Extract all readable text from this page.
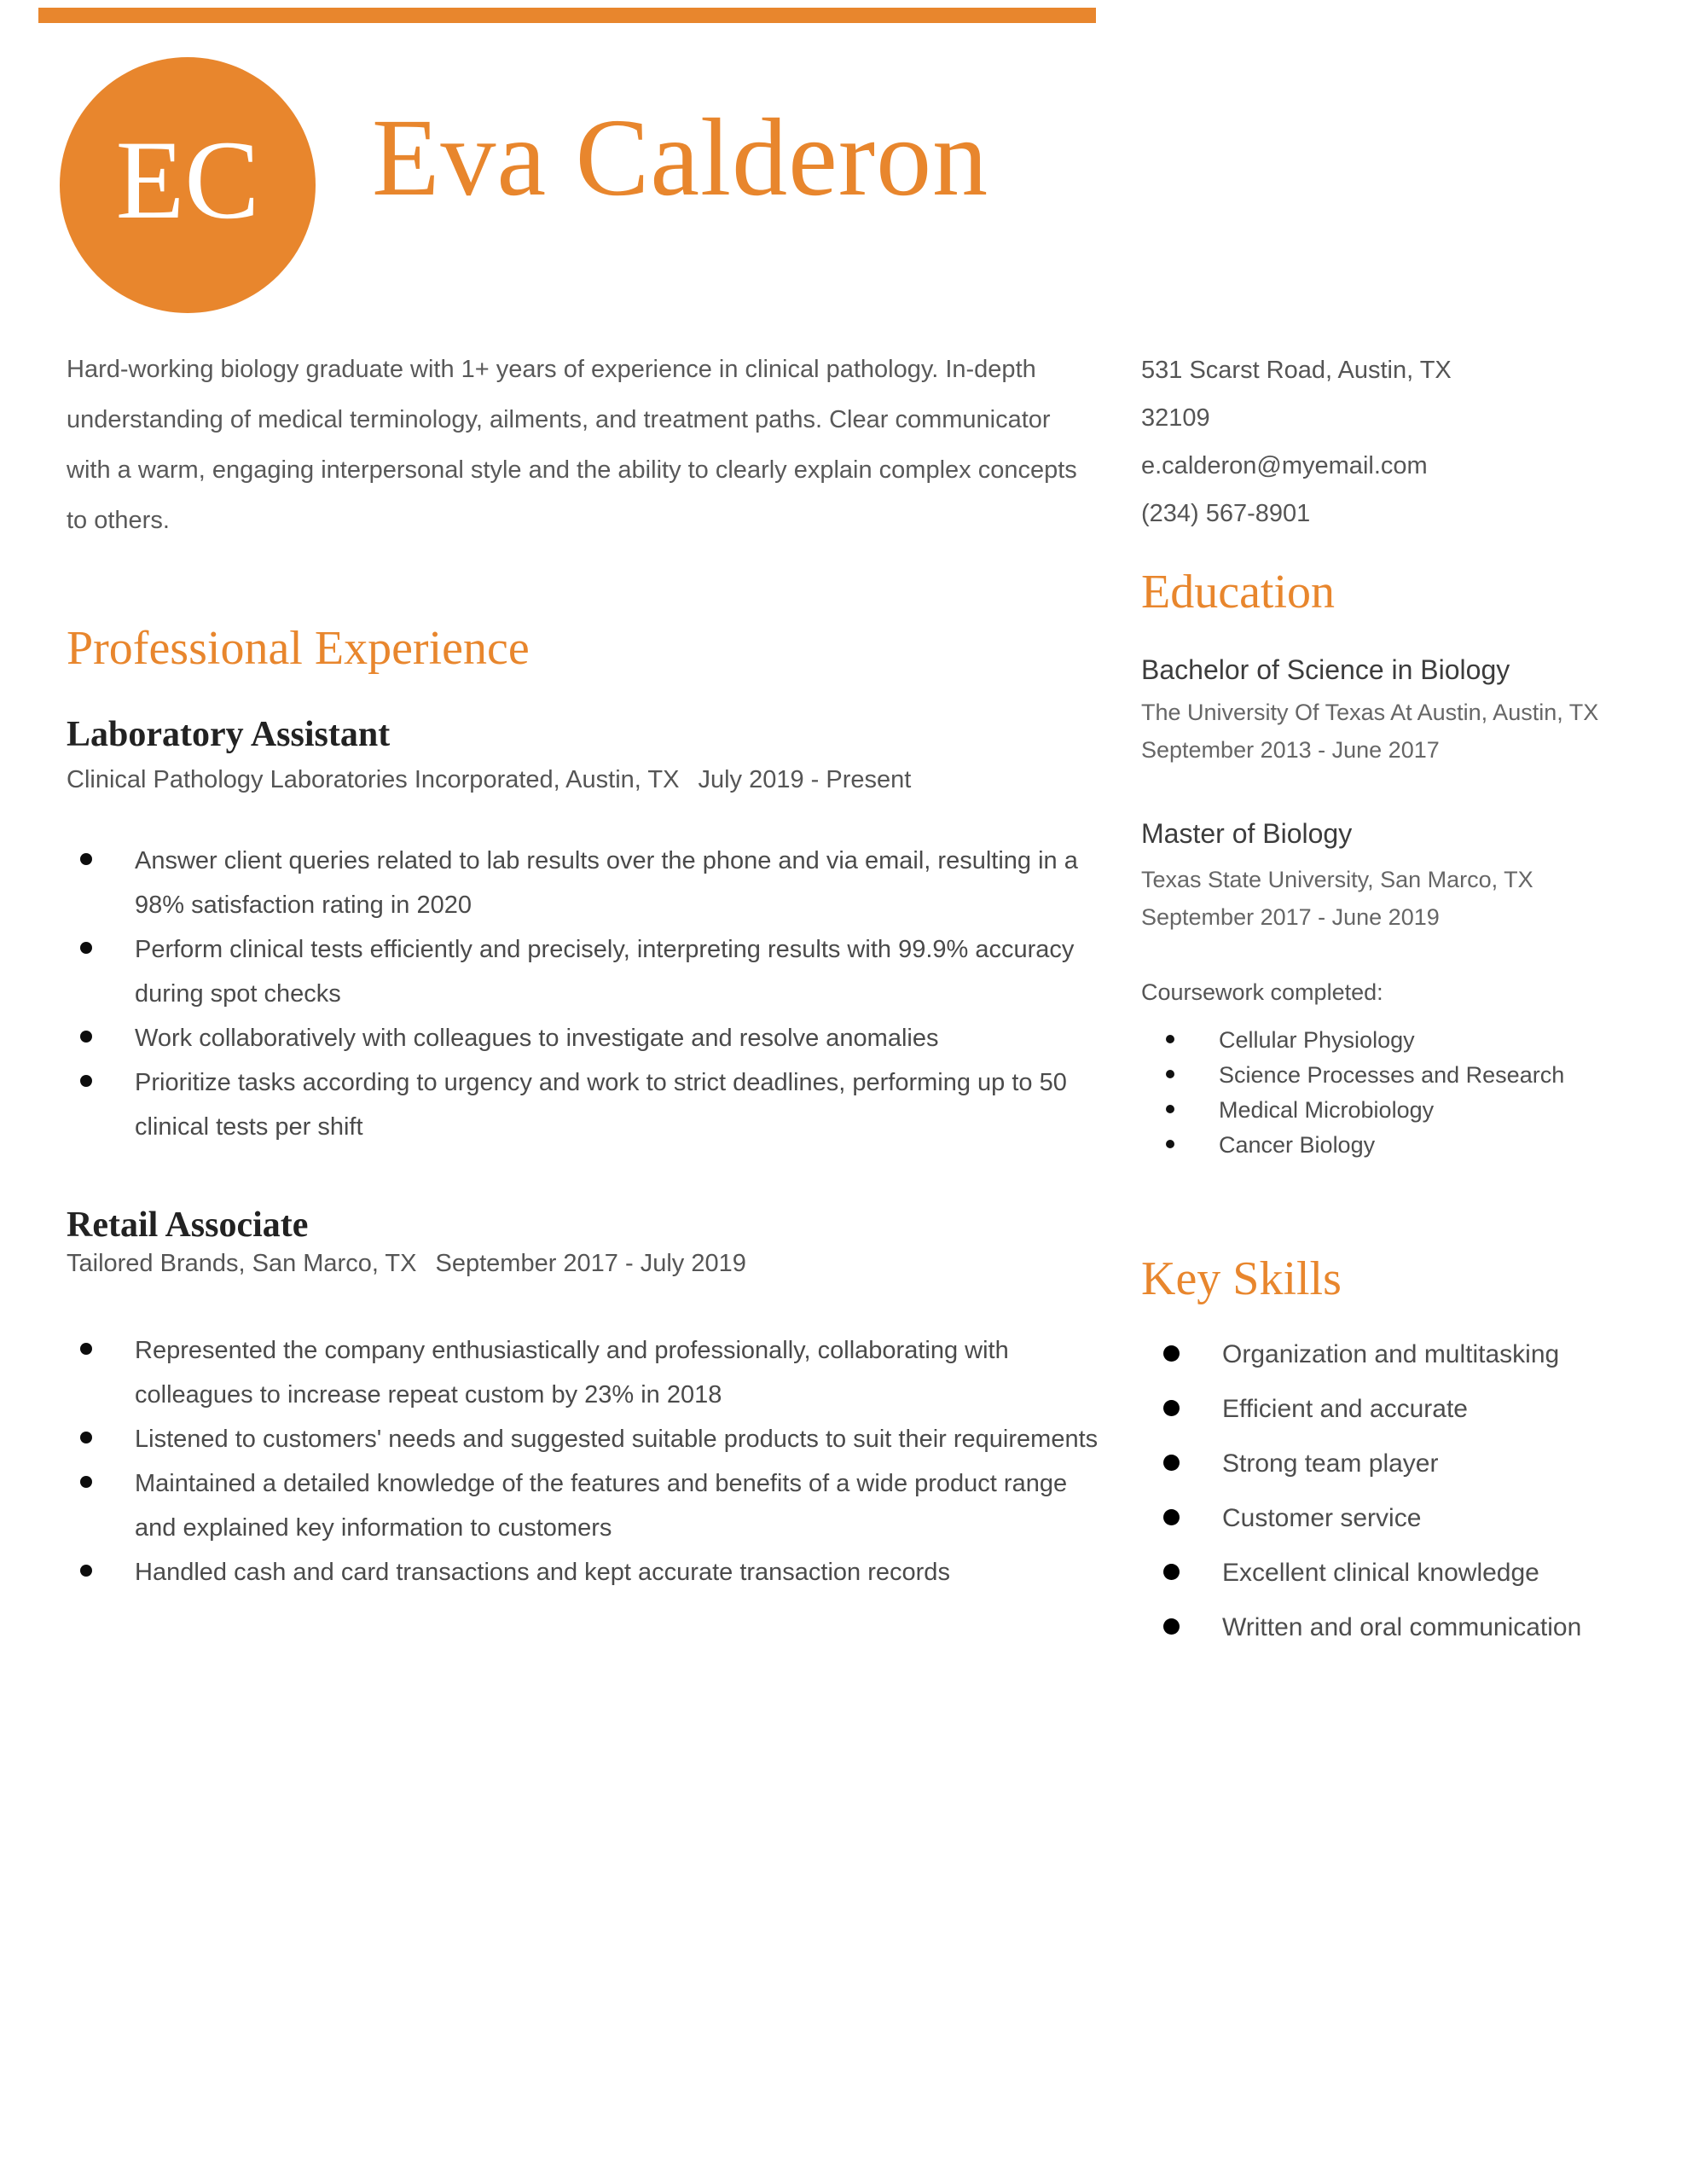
EC Eva Calderon

Hard-working biology graduate with 1+ years of experience in clinical pathology. In-depth understanding of medical terminology, ailments, and treatment paths. Clear communicator with a warm, engaging interpersonal style and the ability to clearly explain complex concepts to others.

Professional Experience
Laboratory Assistant

Clinical Pathology Laboratories Incorporated, Austin, TX July 2019 - Present

Answer client queries related to lab results over the phone and via email, resulting in a 98% satisfaction rating in 2020
Perform clinical tests efficiently and precisely, interpreting results with 99.9% accuracy during spot checks
Work collaboratively with colleagues to investigate and resolve anomalies
Prioritize tasks according to urgency and work to strict deadlines, performing up to 50 clinical tests per shift
Retail Associate

Tailored Brands, San Marco, TX September 2017 - July 2019

Represented the company enthusiastically and professionally, collaborating with colleagues to increase repeat custom by 23% in 2018
Listened to customers' needs and suggested suitable products to suit their requirements
Maintained a detailed knowledge of the features and benefits of a wide product range and explained key information to customers
Handled cash and card transactions and kept accurate transaction records
531 Scarst Road, Austin, TX
32109
e.calderon@myemail.com
(234) 567-8901
Education
Bachelor of Science in Biology
The University Of Texas At Austin, Austin, TX
September 2013 - June 2017
Master of Biology
Texas State University, San Marco, TX
September 2017 - June 2019

Coursework completed:

Cellular Physiology
Science Processes and Research
Medical Microbiology
Cancer Biology
Key Skills
Organization and multitasking
Efficient and accurate
Strong team player
Customer service
Excellent clinical knowledge
Written and oral communication
